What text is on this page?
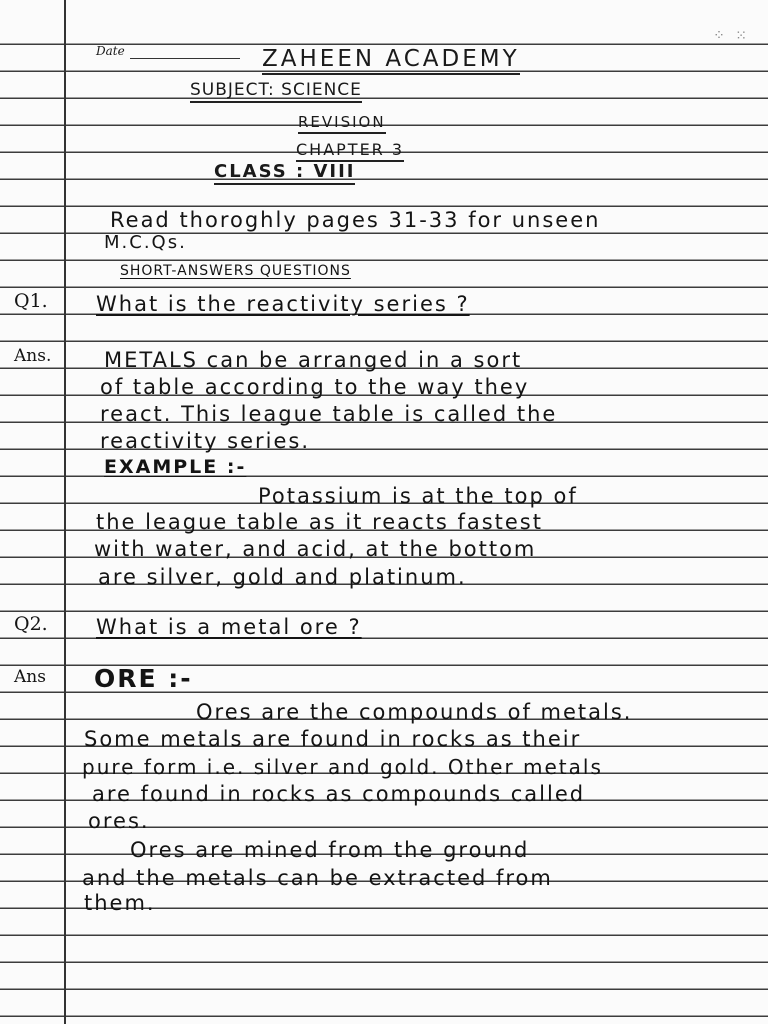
⁘ ⁙
Date	ZAHEEN ACADEMY
SUBJECT: SCIENCE
REVISION
CHAPTER 3
CLASS : VIII
Read thoroghly pages 31-33 for unseen
M.C.Qs.
SHORT-ANSWERS QUESTIONS
Q1. What is the reactivity series ?
Ans.	METALS can be arranged in a sort
of table according to the way they
react. This league table is called the
reactivity series.
EXAMPLE :-
Potassium is at the top of
the league table as it reacts fastest
with water, and acid, at the bottom
are silver, gold and platinum.
Q2. What is a metal ore ?
Ans ORE :-
Ores are the compounds of metals.
Some metals are found in rocks as their
pure form i.e. silver and gold. Other metals
are found in rocks as compounds called
ores.
Ores are mined from the ground
and the metals can be extracted from
them.
